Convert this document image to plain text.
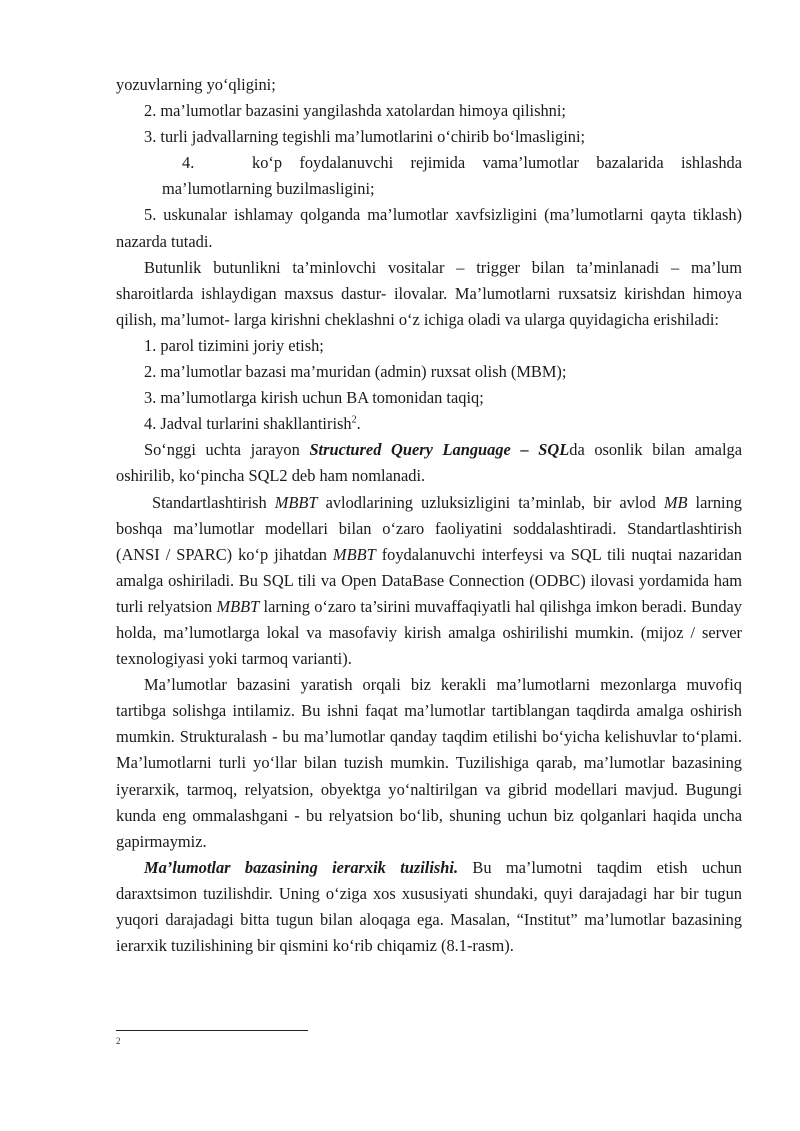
yozuvlarning yo‘qligini;

2. ma’lumotlar bazasini yangilashda xatolardan himoya qilishni;

3. turli jadvallarning tegishli ma’lumotlarini o‘chirib bo‘lmasligini;

4.	ko‘p foydalanuvchi rejimida vama’lumotlar bazalarida ishlashda ma’lumotlarning buzilmasligini;

5. uskunalar ishlamay qolganda ma’lumotlar xavfsizligini (ma’lumotlarni qayta tiklash) nazarda tutadi.

Butunlik butunlikni ta’minlovchi vositalar – trigger bilan ta’minlanadi – ma’lum sharoitlarda ishlaydigan maxsus dastur- ilovalar. Ma’lumotlarni ruxsatsiz kirishdan himoya qilish, ma’lumot- larga kirishni cheklashni o‘z ichiga oladi va ularga quyidagicha erishiladi:

1. parol tizimini joriy etish;

2. ma’lumotlar bazasi ma’muridan (admin) ruxsat olish (MBM);

3. ma’lumotlarga kirish uchun BA tomonidan taqiq;

4. Jadval turlarini shakllantirish$^2$.

So‘nggi uchta jarayon Structured Query Language – SQLda osonlik bilan amalga oshirilib, ko‘pincha SQL2 deb ham nomlanadi.

Standartlashtirish MBBT avlodlarining uzluksizligini ta’minlab, bir avlod MB larning boshqa ma’lumotlar modellari bilan o‘zaro faoliyatini soddalashtiradi. Standartlashtirish (ANSI / SPARC) ko‘p jihatdan MBBT foydalanuvchi interfeysi va SQL tili nuqtai nazaridan amalga oshiriladi. Bu SQL tili va Open DataBase Connection (ODBC) ilovasi yordamida ham turli relyatsion MBBT larning o‘zaro ta’sirini muvaffaqiyatli hal qilishga imkon beradi. Bunday holda, ma’lumotlarga lokal va masofaviy kirish amalga oshirilishi mumkin. (mijoz / server texnologiyasi yoki tarmoq varianti).

Ma’lumotlar bazasini yaratish orqali biz kerakli ma’lumotlarni mezonlarga muvofiq tartibga solishga intilamiz. Bu ishni faqat ma’lumotlar tartiblangan taqdirda amalga oshirish mumkin. Strukturalash - bu ma’lumotlar qanday taqdim etilishi bo‘yicha kelishuvlar to‘plami. Ma’lumotlarni turli yo‘llar bilan tuzish mumkin. Tuzilishiga qarab, ma’lumotlar bazasining iyerarxik, tarmoq, relyatsion, obyektga yo‘naltirilgan va gibrid modellari mavjud. Bugungi kunda eng ommalashgani - bu relyatsion bo‘lib, shuning uchun biz qolganlari haqida uncha gapirmaymiz.

Ma’lumotlar bazasining ierarxik tuzilishi. Bu ma’lumotni taqdim etish uchun daraxtsimon tuzilishdir. Uning o‘ziga xos xususiyati shundaki, quyi darajadagi har bir tugun yuqori darajadagi bitta tugun bilan aloqaga ega. Masalan, “Institut” ma’lumotlar bazasining ierarxik tuzilishining bir qismini ko‘rib chiqamiz (8.1-rasm).

2
